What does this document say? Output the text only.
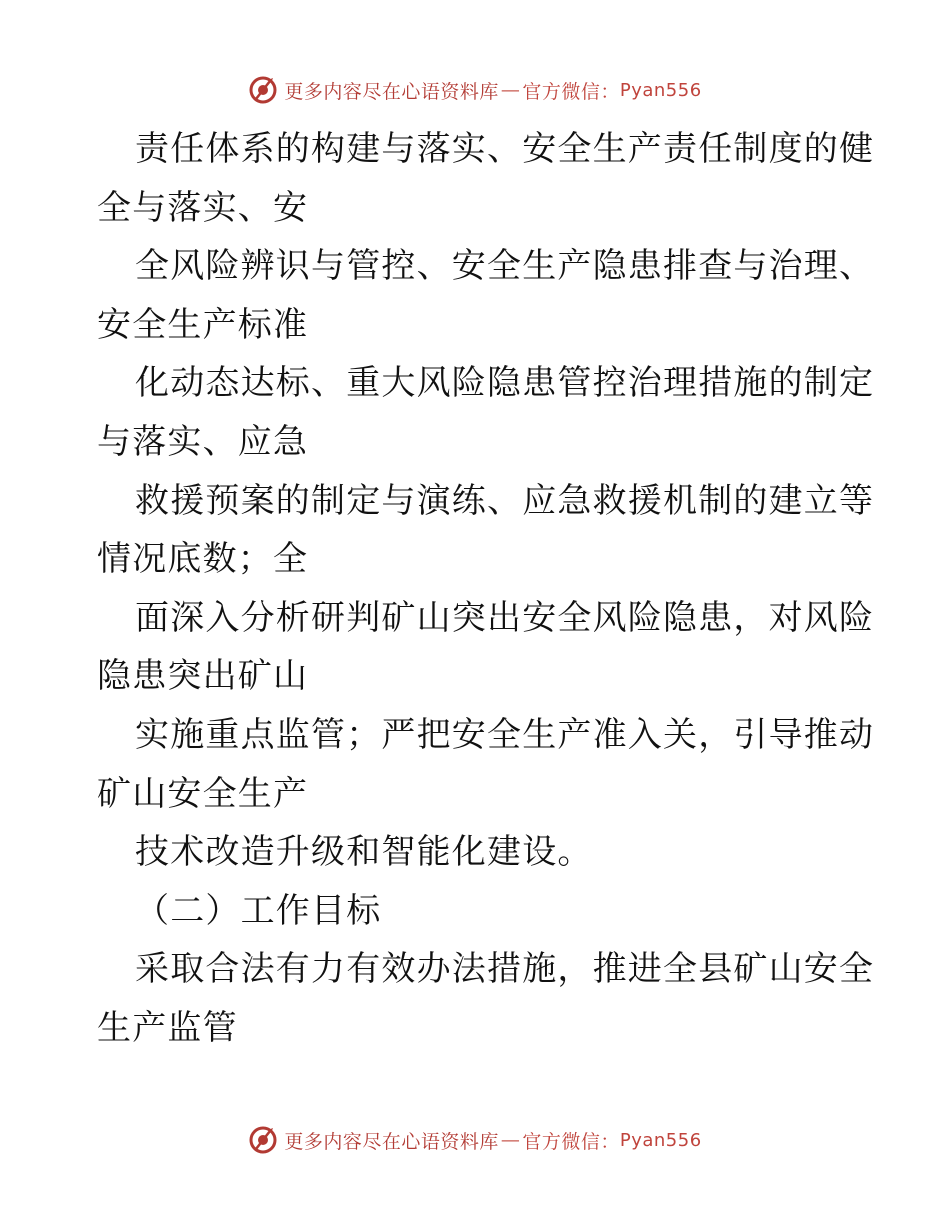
更多内容尽在心语资料库 — 官方微信： Pyan556
责任体系的构建与落实、安全生产责任制度的健
全与落实、安
全风险辨识与管控、安全生产隐患排查与治理、
安全生产标准
化动态达标、重大风险隐患管控治理措施的制定
与落实、应急
救援预案的制定与演练、应急救援机制的建立等
情况底数；全
面深入分析研判矿山突出安全风险隐患，对风险
隐患突出矿山
实施重点监管；严把安全生产准入关，引导推动
矿山安全生产
技术改造升级和智能化建设。
（二）工作目标
采取合法有力有效办法措施，推进全县矿山安全
生产监管
更多内容尽在心语资料库 — 官方微信： Pyan556
